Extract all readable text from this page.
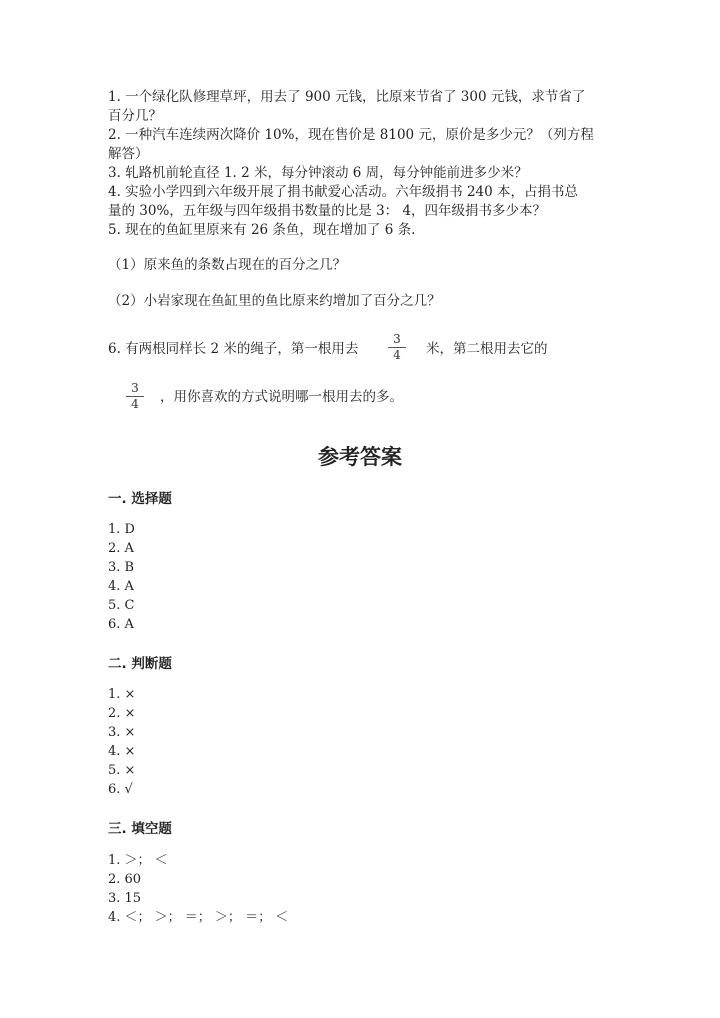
1. 一个绿化队修理草坪，用去了 900 元钱，比原来节省了 300 元钱，求节省了
百分几？
2. 一种汽车连续两次降价 10%，现在售价是 8100 元，原价是多少元？（列方程
解答）
3. 轧路机前轮直径 1. 2 米，每分钟滚动 6 周，每分钟能前进多少米？
4. 实验小学四到六年级开展了捐书献爱心活动。六年级捐书 240 本，占捐书总
量的 30%，五年级与四年级捐书数量的比是 3： 4，四年级捐书多少本？
5. 现在的鱼缸里原来有 26 条鱼，现在增加了 6 条.
（1）原来鱼的条数占现在的百分之几？
（2）小岩家现在鱼缸里的鱼比原来约增加了百分之几？
6. 有两根同样长 2 米的绳子，第一根用去
3
4	米，第二根用去它的
3
4	，用你喜欢的方式说明哪一根用去的多。
参考答案
一. 选择题
1. D
2. A
3. B
4. A
5. C
6. A
二. 判断题
1. ×
2. ×
3. ×
4. ×
5. ×
6. √
三. 填空题
1. ＞； ＜
2. 60
3. 15
4. ＜； ＞； ＝； ＞； ＝； ＜
